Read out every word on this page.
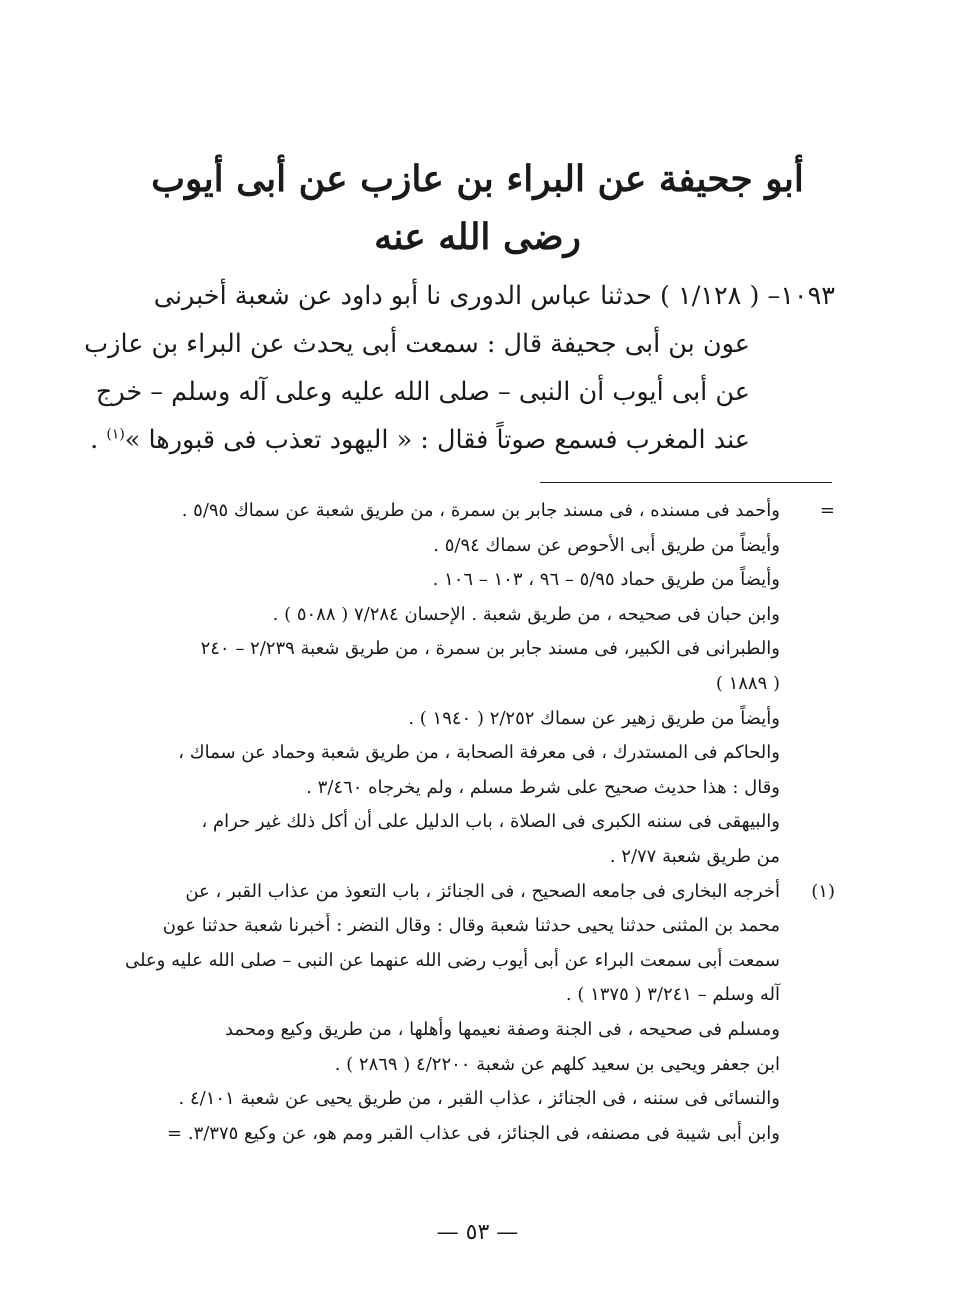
أبو جحيفة عن البراء بن عازب عن أبى أيوب
رضى الله عنه
١٠٩٣–( ١/١٢٨ ) حدثنا عباس الدورى نا أبو داود عن شعبة أخبرنى
عون بن أبى جحيفة قال : سمعت أبى يحدث عن البراء بن عازب
عن أبى أيوب أن النبى – صلى الله عليه وعلى آله وسلم – خرج
عند المغرب فسمع صوتاً فقال : « اليهود تعذب فى قبورها »$^{(١)}$ .
=
وأحمد فى مسنده ، فى مسند جابر بن سمرة ، من طريق شعبة عن سماك ٥/٩٥ .
وأيضاً من طريق أبى الأحوص عن سماك ٥/٩٤ .
وأيضاً من طريق حماد ٥/٩٥ – ٩٦ ، ١٠٣ – ١٠٦ .
وابن حبان فى صحيحه ، من طريق شعبة . الإحسان ٧/٢٨٤ ( ٥٠٨٨ ) .
والطبرانى فى الكبير، فى مسند جابر بن سمرة ، من طريق شعبة ٢/٢٣٩ – ٢٤٠
( ١٨٨٩ )
وأيضاً من طريق زهير عن سماك ٢/٢٥٢ ( ١٩٤٠ ) .
والحاكم فى المستدرك ، فى معرفة الصحابة ، من طريق شعبة وحماد عن سماك ،
وقال : هذا حديث صحيح على شرط مسلم ، ولم يخرجاه ٣/٤٦٠ .
والبيهقى فى سننه الكبرى فى الصلاة ، باب الدليل على أن أكل ذلك غير حرام ،
من طريق شعبة ٢/٧٧ .
(١)
أخرجه البخارى فى جامعه الصحيح ، فى الجنائز ، باب التعوذ من عذاب القبر ، عن
محمد بن المثنى حدثنا يحيى حدثنا شعبة وقال : وقال النضر : أخبرنا شعبة حدثنا عون
سمعت أبى سمعت البراء عن أبى أيوب رضى الله عنهما عن النبى – صلى الله عليه وعلى
آله وسلم – ٣/٢٤١ ( ١٣٧٥ ) .
ومسلم فى صحيحه ، فى الجنة وصفة نعيمها وأهلها ، من طريق وكيع ومحمد
ابن جعفر ويحيى بن سعيد كلهم عن شعبة ٤/٢٢٠٠ ( ٢٨٦٩ ) .
والنسائى فى سننه ، فى الجنائز ، عذاب القبر ، من طريق يحيى عن شعبة ٤/١٠١ .
وابن أبى شيبة فى مصنفه، فى الجنائز، فى عذاب القبر ومم هو، عن وكيع ٣/٣٧٥. =
— ٥٣ —
